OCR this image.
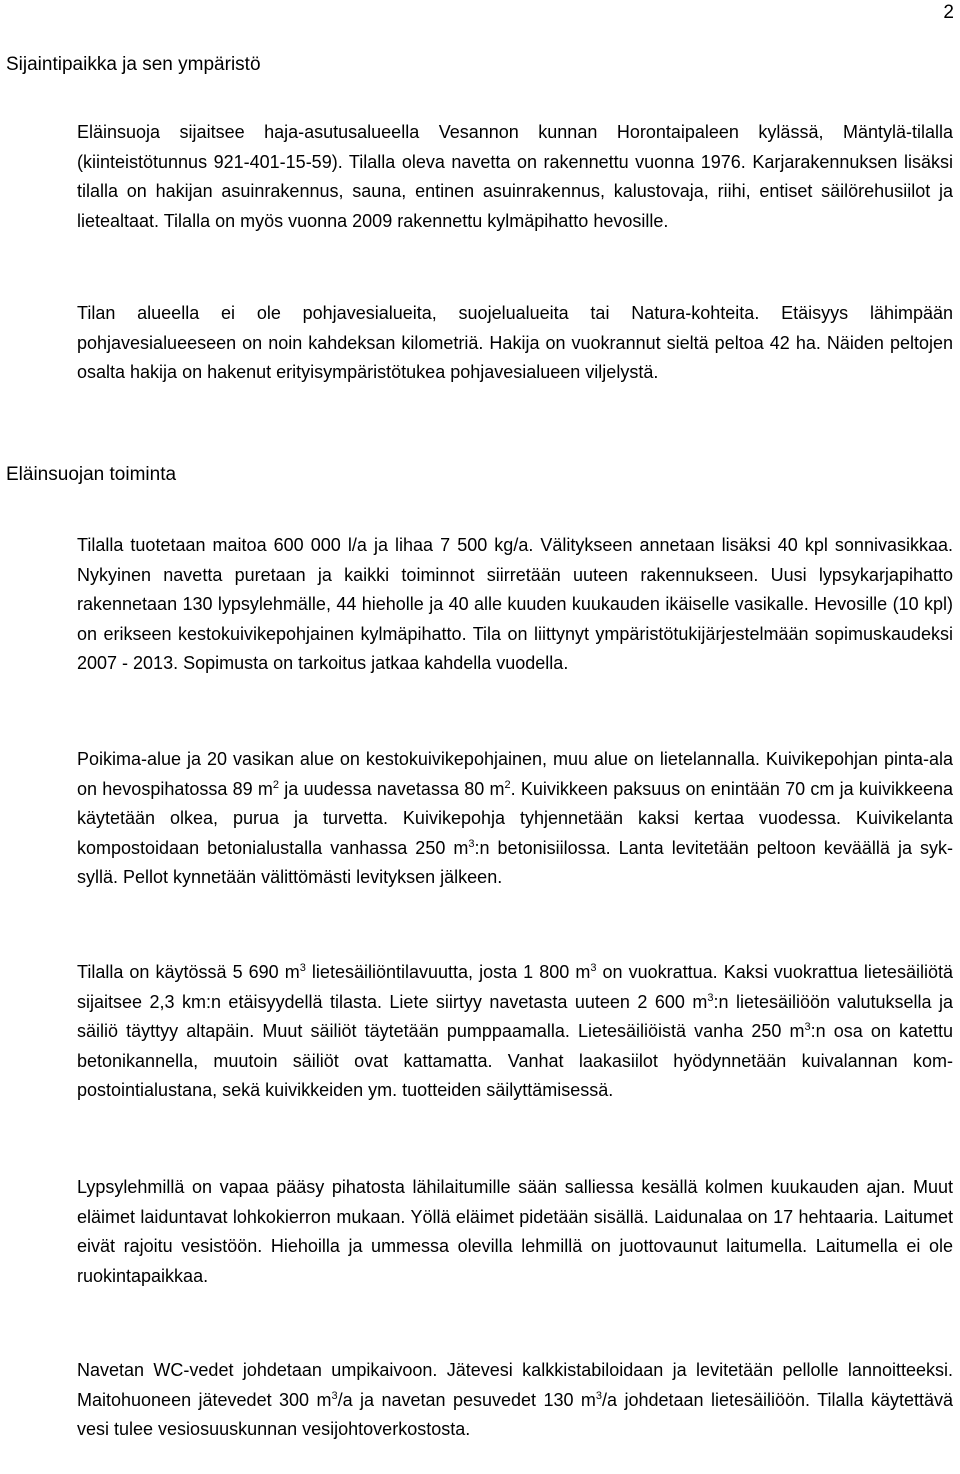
2
Sijaintipaikka ja sen ympäristö

Eläinsuoja sijaitsee haja-asutusalueella Vesannon kunnan Horontaipaleen kylässä, Mäntylä-tilalla (kiinteistötunnus 921-401-15-59). Tilalla oleva navetta on rakennettu vuonna 1976. Karjarakennuksen lisäksi tilalla on hakijan asuinrakennus, sauna, entinen asuinrakennus, kalustovaja, riihi, entiset säilörehusiilot ja lietealtaat. Tilalla on myös vuonna 2009 rakennettu kylmäpihatto hevosille.

Tilan alueella ei ole pohjavesialueita, suojelualueita tai Natura-kohteita. Etäisyys lähimpään pohjavesialueeseen on noin kahdeksan kilometriä. Hakija on vuokrannut sieltä peltoa 42 ha. Näiden peltojen osalta hakija on hakenut erityisympäristötukea pohjavesialueen viljelystä.

Eläinsuojan toiminta

Tilalla tuotetaan maitoa 600 000 l/a ja lihaa 7 500 kg/a. Välitykseen annetaan lisäksi 40 kpl sonnivasikkaa. Nykyinen navetta puretaan ja kaikki toiminnot siirretään uuteen rakennukseen. Uusi lypsykarjapihatto rakennetaan 130 lypsylehmälle, 44 hieholle ja 40 alle kuuden kuukauden ikäiselle vasikalle. Hevosille (10 kpl) on erikseen kestokuivikepohjainen kylmäpihatto. Tila on liittynyt ympäristötukijärjestelmään sopimuskaudeksi 2007 - 2013. Sopimusta on tarkoitus jatkaa kahdella vuodella.

Poikima-alue ja 20 vasikan alue on kestokuivikepohjainen, muu alue on lietelannalla. Kuivikepohjan pinta-ala on hevospihatossa 89 $m^2$ ja uudessa navetassa 80 $m^2$. Kuivikkeen paksuus on enintään 70 cm ja kuivikkeena käytetään olkea, purua ja turvetta. Kuivikepohja tyhjennetään kaksi kertaa vuodessa. Kuivikelanta kompostoidaan betonialustalla vanhassa 250 $m^3:n$ betonisiilossa. Lanta levitetään peltoon keväällä ja syksyllä. Pellot kynnetään välittömästi levityksen jälkeen.

Tilalla on käytössä 5 690 $m^3$ lietesäiliöntilavuutta, josta 1 800 $m^3$ on vuokrattua. Kaksi vuokrattua lietesäiliötä sijaitsee 2,3 km:n etäisyydellä tilasta. Liete siirtyy navetasta uuteen 2 600 $m^3:n$ lietesäiliöön valutuksella ja säiliö täyttyy altapäin. Muut säiliöt täytetään pumppaamalla. Lietesäiliöistä vanha 250 $m^3:n$ osa on katettu betonikannella, muutoin säiliöt ovat kattamatta. Vanhat laakasiilot hyödynnetään kuivalannan kompostointialustana, sekä kuivikkeiden ym. tuotteiden säilyttämisessä.

Lypsylehmillä on vapaa pääsy pihatosta lähilaitumille sään salliessa kesällä kolmen kuukauden ajan. Muut eläimet laiduntavat lohkokierron mukaan. Yöllä eläimet pidetään sisällä. Laidunalaa on 17 hehtaaria. Laitumet eivät rajoitu vesistöön. Hiehoilla ja ummessa olevilla lehmillä on juottovaunut laitumella. Laitumella ei ole ruokintapaikkaa.

Navetan WC-vedet johdetaan umpikaivoon. Jätevesi kalkkistabiloidaan ja levitetään pellolle lannoitteeksi. Maitohuoneen jätevedet 300 $m^3/a$ ja navetan pesuvedet 130 $m^3/a$ johdetaan lietesäiliöön. Tilalla käytettävä vesi tulee vesiosuuskunnan vesijohtoverkostosta.
